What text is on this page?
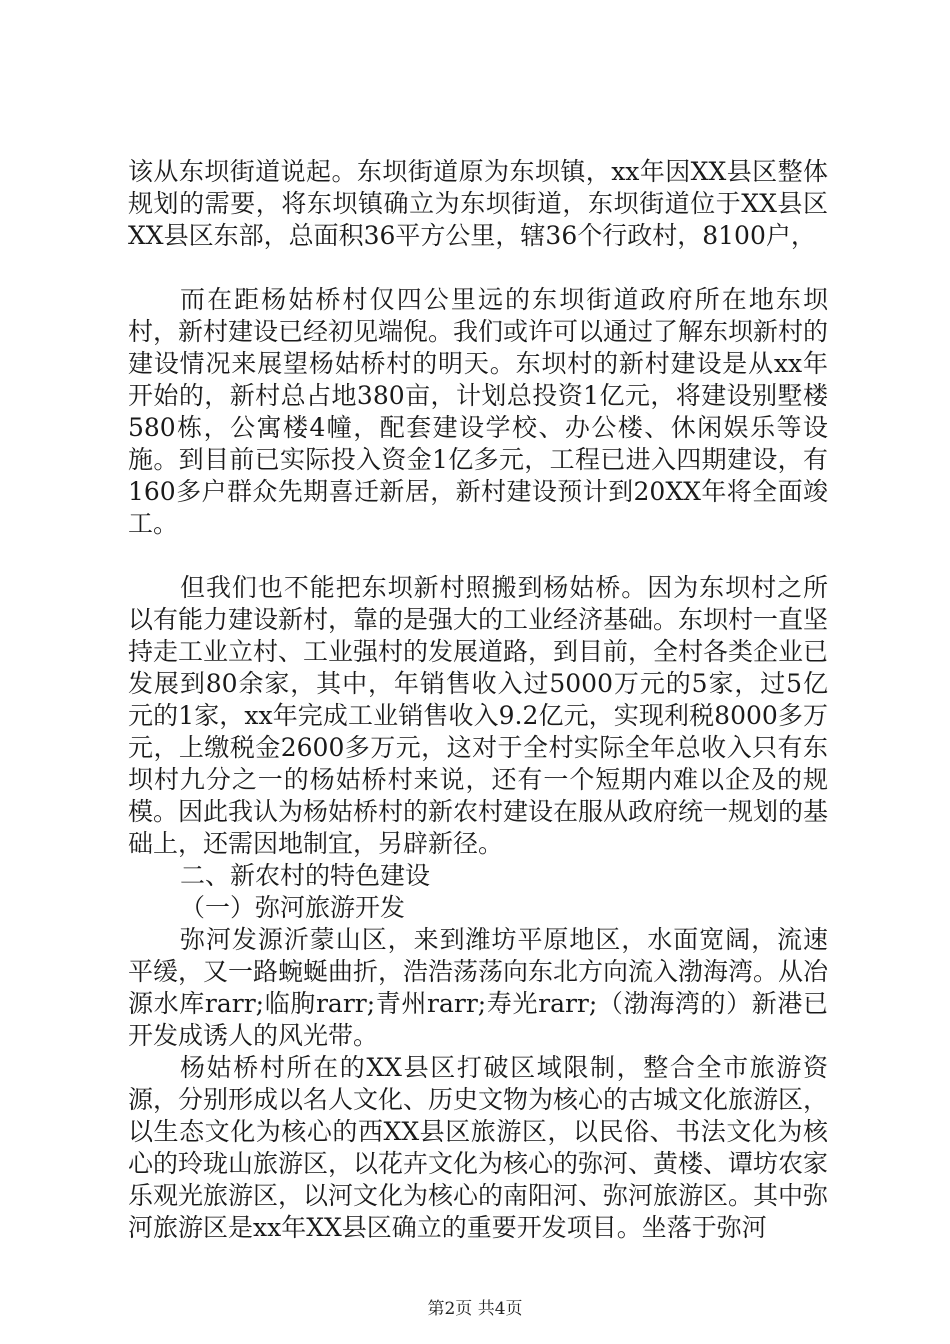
该从东坝街道说起。东坝街道原为东坝镇，xx年因XX县区整体规划的需要，将东坝镇确立为东坝街道，东坝街道位于XX县区XX县区东部，总面积36平方公里，辖36个行政村，8100户，

而在距杨姑桥村仅四公里远的东坝街道政府所在地东坝村，新村建设已经初见端倪。我们或许可以通过了解东坝新村的建设情况来展望杨姑桥村的明天。东坝村的新村建设是从xx年开始的，新村总占地380亩，计划总投资1亿元，将建设别墅楼580栋，公寓楼4幢，配套建设学校、办公楼、休闲娱乐等设施。到目前已实际投入资金1亿多元，工程已进入四期建设，有160多户群众先期喜迁新居，新村建设预计到20XX年将全面竣工。

但我们也不能把东坝新村照搬到杨姑桥。因为东坝村之所以有能力建设新村，靠的是强大的工业经济基础。东坝村一直坚持走工业立村、工业强村的发展道路，到目前，全村各类企业已发展到80余家，其中，年销售收入过5000万元的5家，过5亿元的1家，xx年完成工业销售收入9.2亿元，实现利税8000多万元，上缴税金2600多万元，这对于全村实际全年总收入只有东坝村九分之一的杨姑桥村来说，还有一个短期内难以企及的规模。因此我认为杨姑桥村的新农村建设在服从政府统一规划的基础上，还需因地制宜，另辟新径。

二、新农村的特色建设

（一）弥河旅游开发

弥河发源沂蒙山区，来到潍坊平原地区，水面宽阔，流速平缓，又一路蜿蜒曲折，浩浩荡荡向东北方向流入渤海湾。从冶源水库rarr;临朐rarr;青州rarr;寿光rarr;（渤海湾的）新港已开发成诱人的风光带。

杨姑桥村所在的XX县区打破区域限制，整合全市旅游资源，分别形成以名人文化、历史文物为核心的古城文化旅游区，以生态文化为核心的西XX县区旅游区，以民俗、书法文化为核心的玲珑山旅游区，以花卉文化为核心的弥河、黄楼、谭坊农家乐观光旅游区，以河文化为核心的南阳河、弥河旅游区。其中弥河旅游区是xx年XX县区确立的重要开发项目。坐落于弥河

第2页 共4页
